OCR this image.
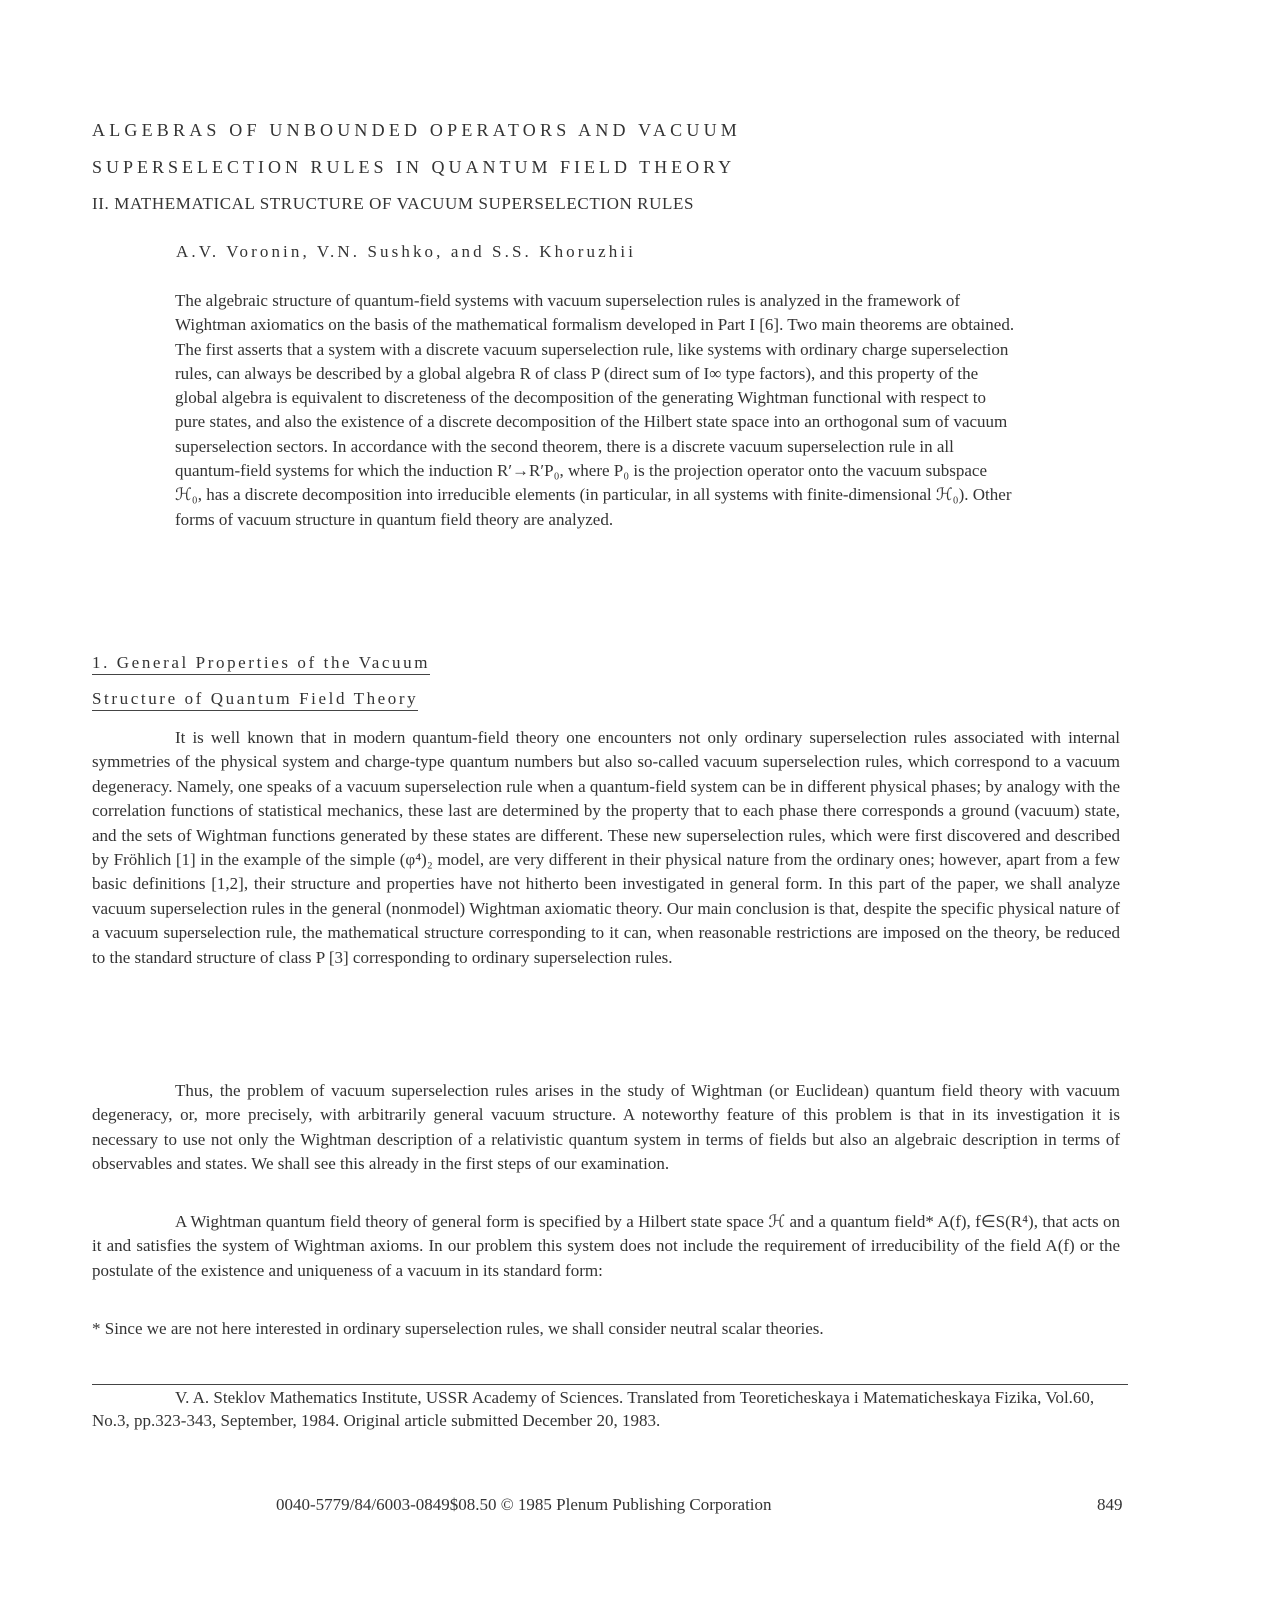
ALGEBRAS OF UNBOUNDED OPERATORS AND VACUUM
SUPERSELECTION RULES IN QUANTUM FIELD THEORY
II. MATHEMATICAL STRUCTURE OF VACUUM SUPERSELECTION RULES
A.V. Voronin, V.N. Sushko, and S.S. Khoruzhii

The algebraic structure of quantum-field systems with vacuum superselection rules is analyzed in the framework of Wightman axiomatics on the basis of the mathematical formalism developed in Part I [6]. Two main theorems are obtained. The first asserts that a system with a discrete vacuum superselection rule, like systems with ordinary charge superselection rules, can always be described by a global algebra R of class P (direct sum of I∞ type factors), and this property of the global algebra is equivalent to discreteness of the decomposition of the generating Wightman functional with respect to pure states, and also the existence of a discrete decomposition of the Hilbert state space into an orthogonal sum of vacuum superselection sectors. In accordance with the second theorem, there is a discrete vacuum superselection rule in all quantum-field systems for which the induction R′→R′P₀, where P₀ is the projection operator onto the vacuum subspace ℋ₀, has a discrete decomposition into irreducible elements (in particular, in all systems with finite-dimensional ℋ₀). Other forms of vacuum structure in quantum field theory are analyzed.

1. General Properties of the Vacuum
Structure of Quantum Field Theory

It is well known that in modern quantum-field theory one encounters not only ordinary superselection rules associated with internal symmetries of the physical system and charge-type quantum numbers but also so-called vacuum superselection rules, which correspond to a vacuum degeneracy. Namely, one speaks of a vacuum superselection rule when a quantum-field system can be in different physical phases; by analogy with the correlation functions of statistical mechanics, these last are determined by the property that to each phase there corresponds a ground (vacuum) state, and the sets of Wightman functions generated by these states are different. These new superselection rules, which were first discovered and described by Fröhlich [1] in the example of the simple (φ⁴)₂ model, are very different in their physical nature from the ordinary ones; however, apart from a few basic definitions [1,2], their structure and properties have not hitherto been investigated in general form. In this part of the paper, we shall analyze vacuum superselection rules in the general (nonmodel) Wightman axiomatic theory. Our main conclusion is that, despite the specific physical nature of a vacuum superselection rule, the mathematical structure corresponding to it can, when reasonable restrictions are imposed on the theory, be reduced to the standard structure of class P [3] corresponding to ordinary superselection rules.

Thus, the problem of vacuum superselection rules arises in the study of Wightman (or Euclidean) quantum field theory with vacuum degeneracy, or, more precisely, with arbitrarily general vacuum structure. A noteworthy feature of this problem is that in its investigation it is necessary to use not only the Wightman description of a relativistic quantum system in terms of fields but also an algebraic description in terms of observables and states. We shall see this already in the first steps of our examination.

A Wightman quantum field theory of general form is specified by a Hilbert state space ℋ and a quantum field* A(f), f∈S(R⁴), that acts on it and satisfies the system of Wightman axioms. In our problem this system does not include the requirement of irreducibility of the field A(f) or the postulate of the existence and uniqueness of a vacuum in its standard form:

* Since we are not here interested in ordinary superselection rules, we shall consider neutral scalar theories.

V. A. Steklov Mathematics Institute, USSR Academy of Sciences. Translated from Teoreticheskaya i Matematicheskaya Fizika, Vol.60, No.3, pp.323-343, September, 1984. Original article submitted December 20, 1983.

0040-5779/84/6003-0849$08.50 © 1985 Plenum Publishing Corporation	849
